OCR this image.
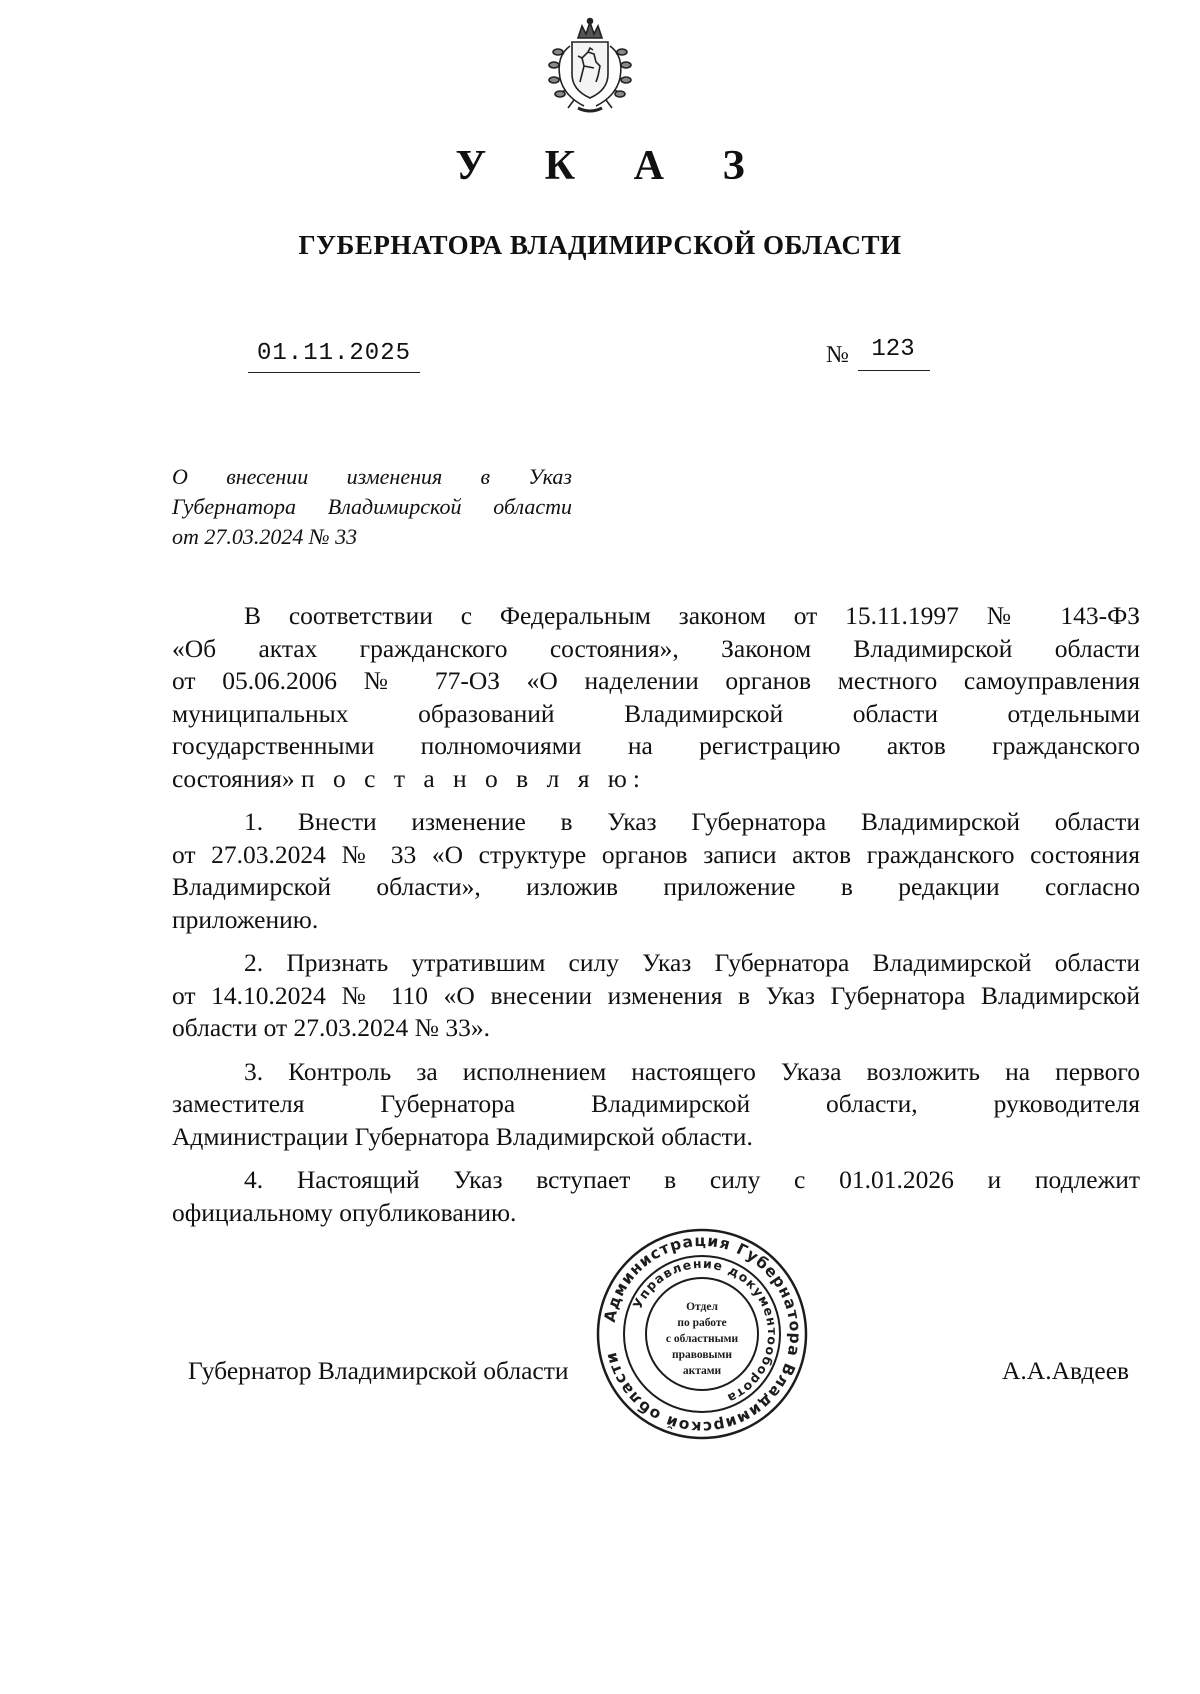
У К А З
ГУБЕРНАТОРА ВЛАДИМИРСКОЙ ОБЛАСТИ
01.11.2025	№ 123
О внесении изменения в Указ
Губернатора Владимирской области
от 27.03.2024 № 33

В соответствии с Федеральным законом от 15.11.1997 № 143-ФЗ
«Об актах гражданского состояния», Законом Владимирской области
от 05.06.2006 № 77-ОЗ «О наделении органов местного самоуправления
муниципальных образований Владимирской области отдельными
государственными полномочиями на регистрацию актов гражданского
состояния» п о с т а н о в л я ю:

1. Внести изменение в Указ Губернатора Владимирской области
от 27.03.2024 № 33 «О структуре органов записи актов гражданского состояния
Владимирской области», изложив приложение в редакции согласно
приложению.

2. Признать утратившим силу Указ Губернатора Владимирской области
от 14.10.2024 № 110 «О внесении изменения в Указ Губернатора Владимирской
области от 27.03.2024 № 33».

3. Контроль за исполнением настоящего Указа возложить на первого
заместителя Губернатора Владимирской области, руководителя
Администрации Губернатора Владимирской области.

4. Настоящий Указ вступает в силу с 01.01.2026 и подлежит
официальному опубликованию.

Губернатор Владимирской области	А.А.Авдеев
Администрация Губернатора Владимирской области
Управление документооборота
Отдел
по работе
с областными
правовыми
актами
